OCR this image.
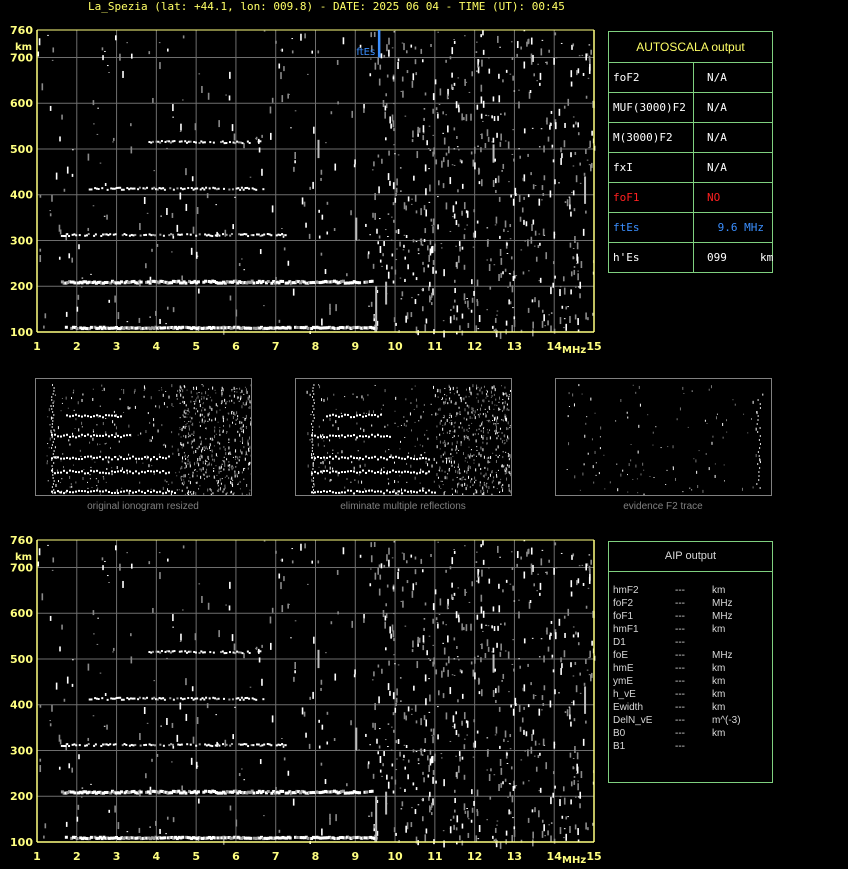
La_Spezia (lat: +44.1, lon: 009.8) - DATE: 2025 06 04 - TIME (UT): 00:45
1	2	3	4	5	6	7	8	9	10 11 12 13 14 15
MHz
100
200
300
400
500
600
700
760
km	ftEs	AUTOSCALA output
foF2	N/A
MUF(3000)F2	N/A
M(3000)F2	N/A
fxI	N/A
foF1	NO
ftEs	9.6 MHz
h'Es	099     km
original ionogram resized	eliminate multiple reflections	evidence F2 trace
1	2	3	4	5	6	7	8	9	10 11 12 13 14 15
MHz
100
200
300
400
500
600
700
760
km	AIP output
hmF2	---	km
foF2	---	MHz
foF1	---	MHz
hmF1	---	km
D1	---
foE	---	MHz
hmE	---	km
ymE	---	km
h_vE	---	km
Ewidth	---	km
DelN_vE ---	m^(-3)
B0	---	km
B1	---
